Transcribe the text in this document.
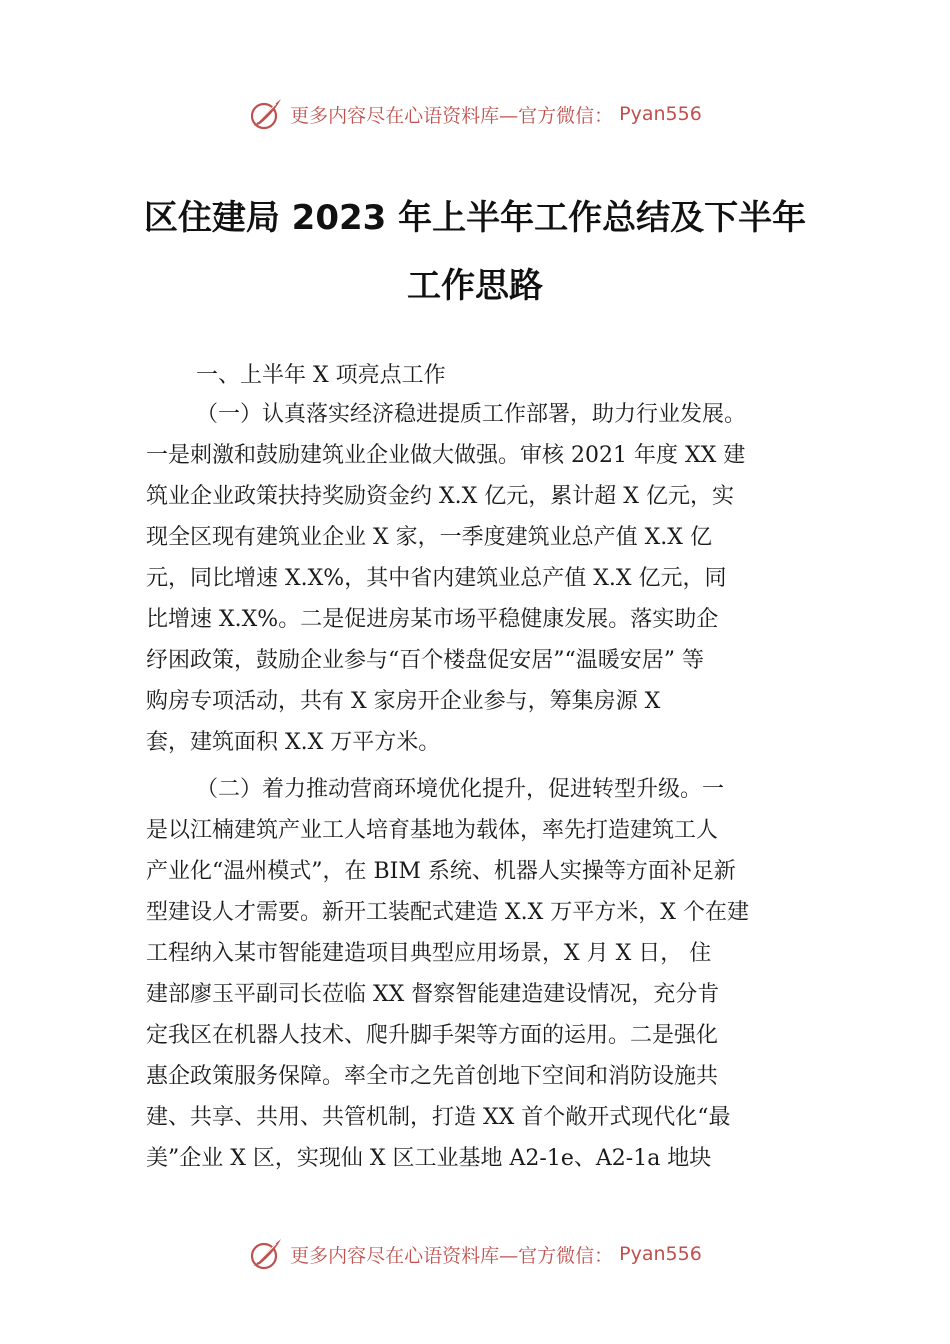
更多内容尽在心语资料库—官方微信： Pyan556
区住建局 2023 年上半年工作总结及下半年
工作思路

一、上半年 X 项亮点工作

（一）认真落实经济稳进提质工作部署，助力行业发展。

一是刺激和鼓励建筑业企业做大做强。审核 2021 年度 XX 建

筑业企业政策扶持奖励资金约 X.X 亿元，累计超 X 亿元，实

现全区现有建筑业企业 X 家，一季度建筑业总产值 X.X 亿

元，同比增速 X.X%，其中省内建筑业总产值 X.X 亿元，同

比增速 X.X%。二是促进房某市场平稳健康发展。落实助企

纾困政策，鼓励企业参与“百个楼盘促安居”“温暖安居” 等

购房专项活动，共有 X 家房开企业参与，筹集房源 X

套，建筑面积 X.X 万平方米。

（二）着力推动营商环境优化提升，促进转型升级。一

是以江楠建筑产业工人培育基地为载体，率先打造建筑工人

产业化“温州模式”，在 BIM 系统、机器人实操等方面补足新

型建设人才需要。新开工装配式建造 X.X 万平方米，X 个在建

工程纳入某市智能建造项目典型应用场景，X 月 X 日， 住

建部廖玉平副司长莅临 XX 督察智能建造建设情况，充分肯

定我区在机器人技术、爬升脚手架等方面的运用。二是强化

惠企政策服务保障。率全市之先首创地下空间和消防设施共

建、共享、共用、共管机制，打造 XX 首个敞开式现代化“最

美”企业 X 区，实现仙 X 区工业基地 A2-1e、A2-1a 地块

更多内容尽在心语资料库—官方微信： Pyan556
